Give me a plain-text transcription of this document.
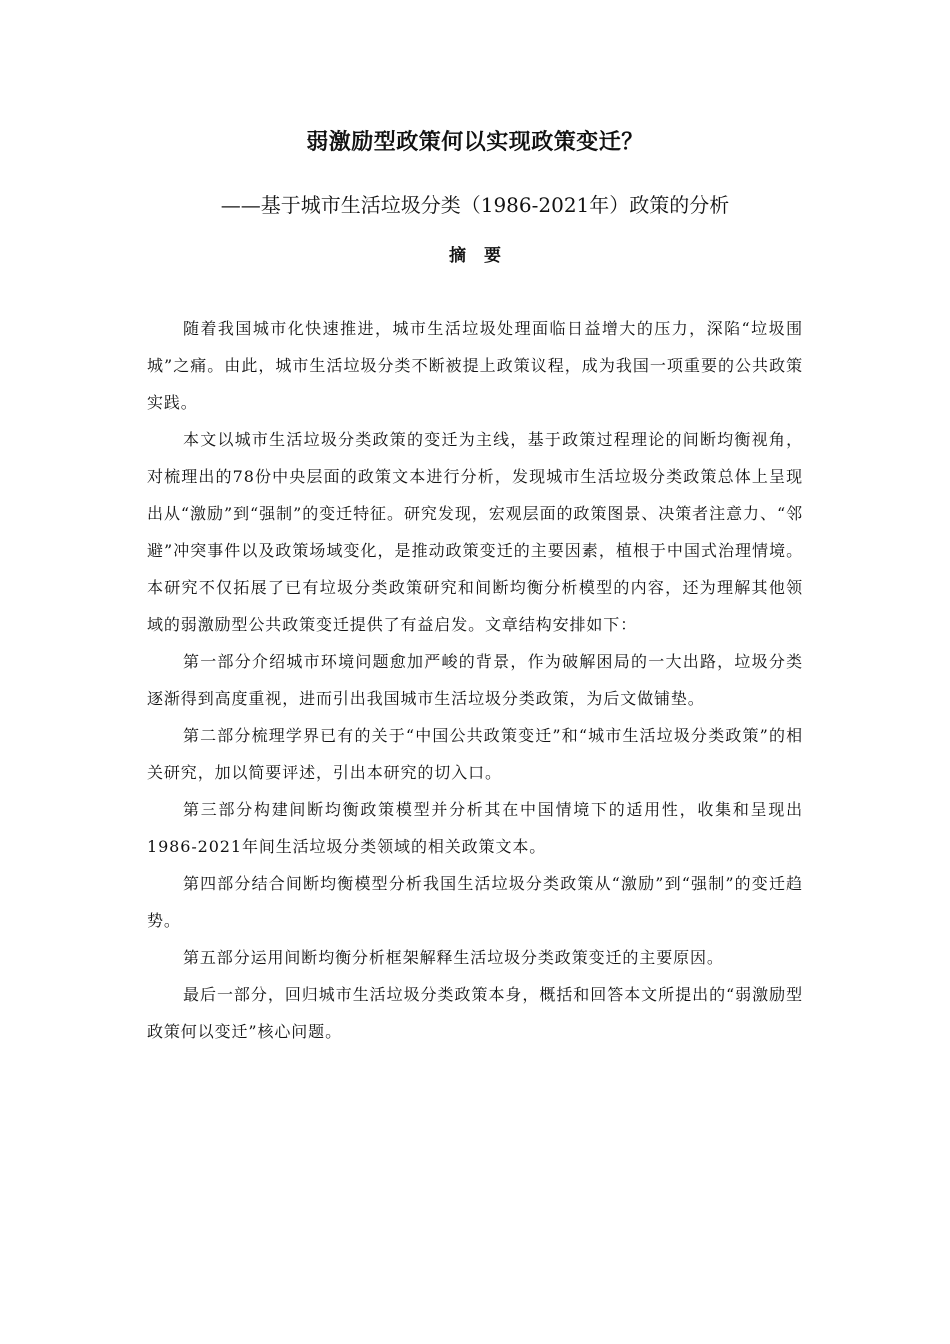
弱激励型政策何以实现政策变迁？
——基于城市生活垃圾分类（1986-2021年）政策的分析
摘要

随着我国城市化快速推进，城市生活垃圾处理面临日益增大的压力，深陷“垃圾围城”之痛。由此，城市生活垃圾分类不断被提上政策议程，成为我国一项重要的公共政策实践。

本文以城市生活垃圾分类政策的变迁为主线，基于政策过程理论的间断均衡视角，对梳理出的78份中央层面的政策文本进行分析，发现城市生活垃圾分类政策总体上呈现出从“激励”到“强制”的变迁特征。研究发现，宏观层面的政策图景、决策者注意力、“邻避”冲突事件以及政策场域变化，是推动政策变迁的主要因素，植根于中国式治理情境。本研究不仅拓展了已有垃圾分类政策研究和间断均衡分析模型的内容，还为理解其他领域的弱激励型公共政策变迁提供了有益启发。文章结构安排如下：

第一部分介绍城市环境问题愈加严峻的背景，作为破解困局的一大出路，垃圾分类逐渐得到高度重视，进而引出我国城市生活垃圾分类政策，为后文做铺垫。

第二部分梳理学界已有的关于“中国公共政策变迁”和“城市生活垃圾分类政策”的相关研究，加以简要评述，引出本研究的切入口。

第三部分构建间断均衡政策模型并分析其在中国情境下的适用性，收集和呈现出1986-2021年间生活垃圾分类领域的相关政策文本。

第四部分结合间断均衡模型分析我国生活垃圾分类政策从“激励”到“强制”的变迁趋势。

第五部分运用间断均衡分析框架解释生活垃圾分类政策变迁的主要原因。

最后一部分，回归城市生活垃圾分类政策本身，概括和回答本文所提出的“弱激励型政策何以变迁”核心问题。
